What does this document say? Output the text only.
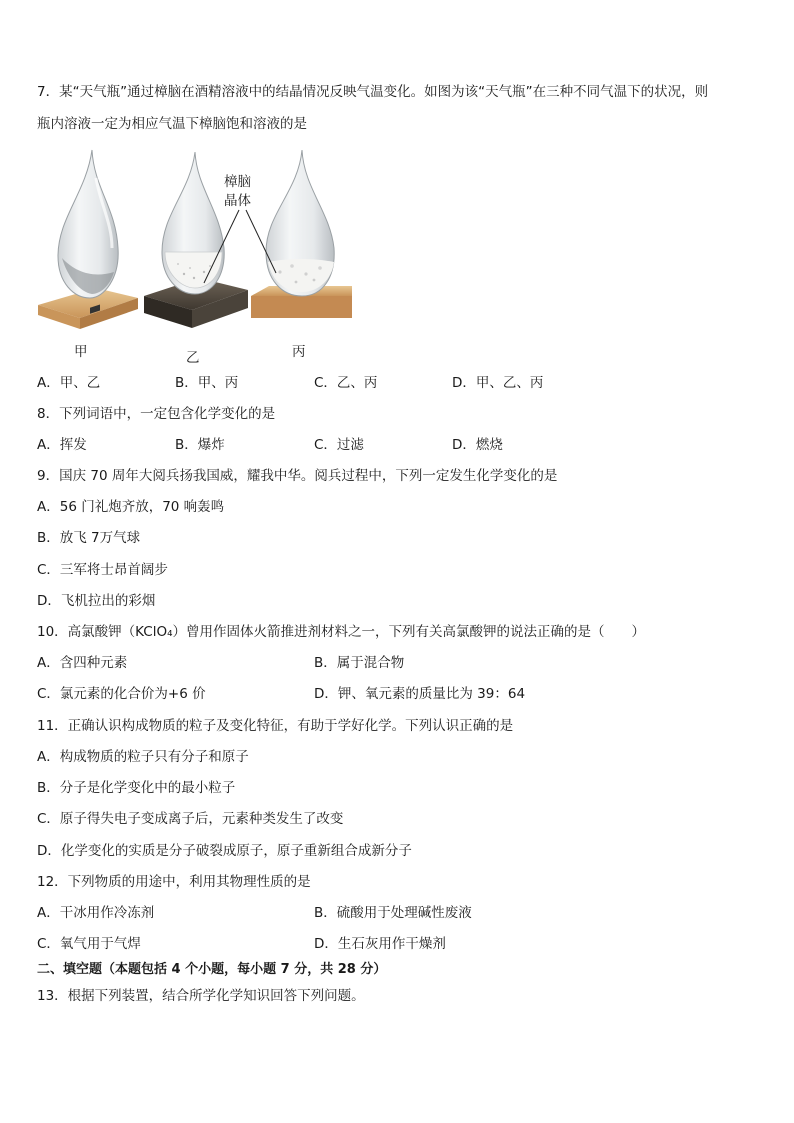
7．某“天气瓶”通过樟脑在酒精溶液中的结晶情况反映气温变化。如图为该“天气瓶”在三种不同气温下的状况，则
瓶内溶液一定为相应气温下樟脑饱和溶液的是
樟脑
晶体
甲	乙	丙
A．甲、乙	B．甲、丙	C．乙、丙	D．甲、乙、丙
8．下列词语中，一定包含化学变化的是
A．挥发	B．爆炸	C．过滤	D．燃烧
9．国庆 70 周年大阅兵扬我国威，耀我中华。阅兵过程中，下列一定发生化学变化的是
A．56 门礼炮齐放，70 响轰鸣
B．放飞 7万气球
C．三军将士昂首阔步
D．飞机拉出的彩烟
10．高氯酸钾（KClO₄）曾用作固体火箭推进剂材料之一，下列有关高氯酸钾的说法正确的是（　　）
A．含四种元素	B．属于混合物
C．氯元素的化合价为+6 价	D．钾、氧元素的质量比为 39：64
11．正确认识构成物质的粒子及变化特征，有助于学好化学。下列认识正确的是
A．构成物质的粒子只有分子和原子
B．分子是化学变化中的最小粒子
C．原子得失电子变成离子后，元素种类发生了改变
D．化学变化的实质是分子破裂成原子，原子重新组合成新分子
12．下列物质的用途中，利用其物理性质的是
A．干冰用作冷冻剂	B．硫酸用于处理碱性废液
C．氧气用于气焊	D．生石灰用作干燥剂
二、填空题（本题包括 4 个小题，每小题 7 分，共 28 分）
13．根据下列装置，结合所学化学知识回答下列问题。
